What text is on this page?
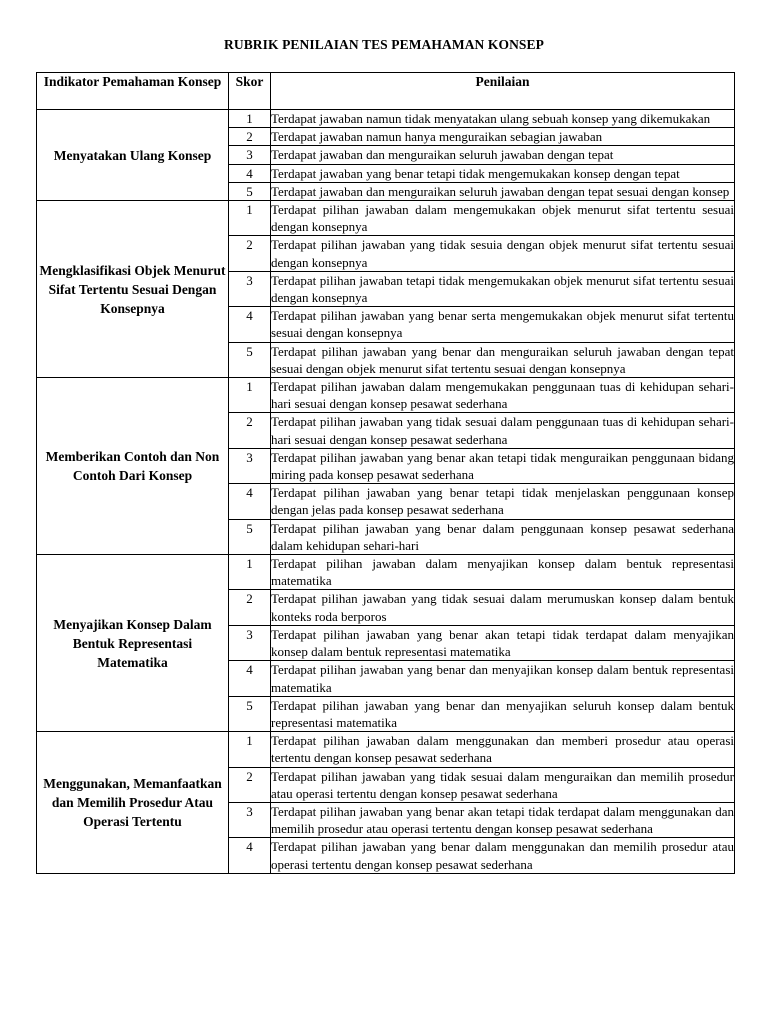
RUBRIK PENILAIAN TES PEMAHAMAN KONSEP
Indikator Pemahaman Konsep	Skor	Penilaian
Menyatakan Ulang Konsep	1	Terdapat jawaban namun tidak menyatakan ulang sebuah konsep yang dikemukakan
	2	Terdapat jawaban namun hanya menguraikan sebagian jawaban
	3	Terdapat jawaban dan menguraikan seluruh jawaban dengan tepat
	4	Terdapat jawaban yang benar tetapi tidak mengemukakan konsep dengan tepat
	5	Terdapat jawaban dan menguraikan seluruh jawaban dengan tepat sesuai dengan konsep
Mengklasifikasi Objek Menurut Sifat Tertentu Sesuai Dengan Konsepnya	1	Terdapat pilihan jawaban dalam mengemukakan objek menurut sifat tertentu sesuai dengan konsepnya
	2	Terdapat pilihan jawaban yang tidak sesuia dengan objek menurut sifat tertentu sesuai dengan konsepnya
	3	Terdapat pilihan jawaban tetapi tidak mengemukakan objek menurut sifat tertentu sesuai dengan konsepnya
	4	Terdapat pilihan jawaban yang benar serta mengemukakan objek menurut sifat tertentu sesuai dengan konsepnya
	5	Terdapat pilihan jawaban yang benar dan menguraikan seluruh jawaban dengan tepat sesuai dengan objek menurut sifat tertentu sesuai dengan konsepnya
Memberikan Contoh dan Non Contoh Dari Konsep	1	Terdapat pilihan jawaban dalam mengemukakan penggunaan tuas di kehidupan sehari-hari sesuai dengan konsep pesawat sederhana
	2	Terdapat pilihan jawaban yang tidak sesuai dalam penggunaan tuas di kehidupan sehari-hari sesuai dengan konsep pesawat sederhana
	3	Terdapat pilihan jawaban yang benar akan tetapi tidak menguraikan penggunaan bidang miring pada konsep pesawat sederhana
	4	Terdapat pilihan jawaban yang benar tetapi tidak menjelaskan penggunaan konsep dengan jelas pada konsep pesawat sederhana
	5	Terdapat pilihan jawaban yang benar dalam penggunaan konsep pesawat sederhana dalam kehidupan sehari-hari
Menyajikan Konsep Dalam Bentuk Representasi Matematika	1	Terdapat pilihan jawaban dalam menyajikan konsep dalam bentuk representasi matematika
	2	Terdapat pilihan jawaban yang tidak sesuai dalam merumuskan konsep dalam bentuk konteks roda berporos
	3	Terdapat pilihan jawaban yang benar akan tetapi tidak terdapat dalam menyajikan konsep dalam bentuk representasi matematika
	4	Terdapat pilihan jawaban yang benar dan menyajikan konsep dalam bentuk representasi matematika
	5	Terdapat pilihan jawaban yang benar dan menyajikan seluruh konsep dalam bentuk representasi matematika
Menggunakan, Memanfaatkan dan Memilih Prosedur Atau Operasi Tertentu	1	Terdapat pilihan jawaban dalam menggunakan dan memberi prosedur atau operasi tertentu dengan konsep pesawat sederhana
	2	Terdapat pilihan jawaban yang tidak sesuai dalam menguraikan dan memilih prosedur atau operasi tertentu dengan konsep pesawat sederhana
	3	Terdapat pilihan jawaban yang benar akan tetapi tidak terdapat dalam menggunakan dan memilih prosedur atau operasi tertentu dengan konsep pesawat sederhana
	4	Terdapat pilihan jawaban yang benar dalam menggunakan dan memilih prosedur atau operasi tertentu dengan konsep pesawat sederhana
